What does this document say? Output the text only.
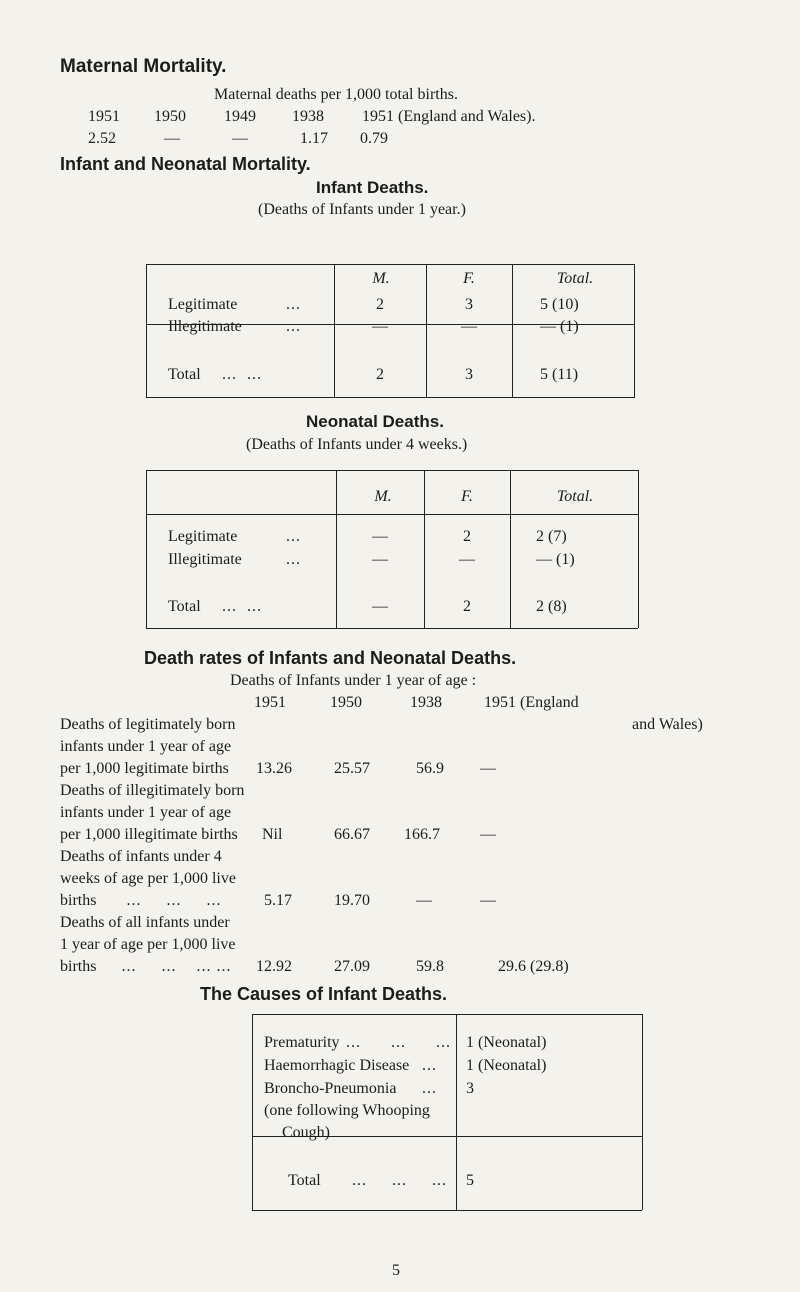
Maternal Mortality.
Maternal deaths per 1,000 total births.
1951 1950 1949 1938 1951 (England and Wales).
2.52	—	—	1.17 0.79
Infant and Neonatal Mortality.
Infant Deaths.
(Deaths of Infants under 1 year.)
M.	F.	Total.
Legitimate	...	2	3	5 (10)
Illegitimate	...	—	—	— (1)
Total ...  ...	2	3	5 (11)
Neonatal Deaths.
(Deaths of Infants under 4 weeks.)
M.	F.	Total.
Legitimate	...	—	2	2 (7)
Illegitimate	...	—	—	— (1)
Total ...  ...	—	2	2 (8)
Death rates of Infants and Neonatal Deaths.
Deaths of Infants under 1 year of age :
1951	1950	1938	1951 (England
and Wales)
Deaths of legitimately born
infants under 1 year of age
per 1,000 legitimate births 13.26	25.57	56.9 —
Deaths of illegitimately born
infants under 1 year of age
per 1,000 illegitimate births Nil	66.67 166.7	—
Deaths of infants under 4
weeks of age per 1,000 live
births      ...     ...     ...	5.17	19.70	—	—
Deaths of all infants under
1 year of age per 1,000 live
births     ...     ...    ... ... 12.92	27.09	59.8	29.6 (29.8)
The Causes of Infant Deaths.
Prematurity ...      ...      ... 1 (Neonatal)
Haemorrhagic Disease ... 1 (Neonatal)
Broncho-Pneumonia ... 3
(one following Whooping
Cough)
Total ...     ...     ... 5
5
